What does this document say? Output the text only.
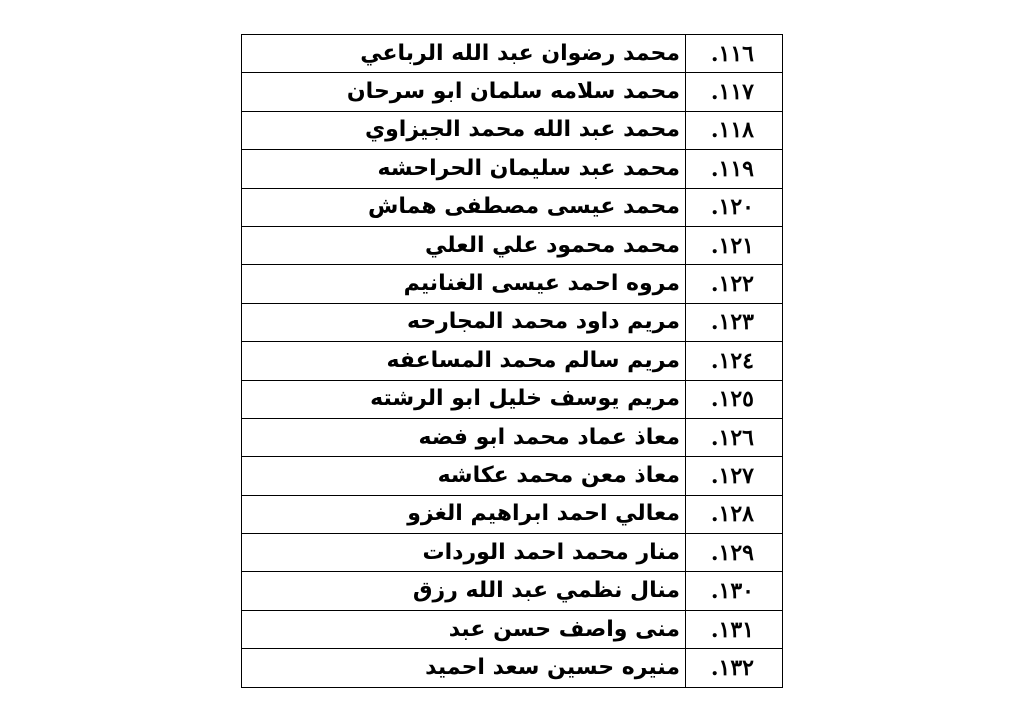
١١٦.	محمد رضوان عبد الله الرباعي
١١٧.	محمد سلامه سلمان ابو سرحان
١١٨.	محمد عبد الله محمد الجيزاوي
١١٩.	محمد عبد سليمان الحراحشه
١٢٠.	محمد عيسى مصطفى هماش
١٢١.	محمد محمود علي العلي
١٢٢.	مروه احمد عيسى الغنانيم
١٢٣.	مريم داود محمد المجارحه
١٢٤.	مريم سالم محمد المساعفه
١٢٥.	مريم يوسف خليل ابو الرشته
١٢٦.	معاذ عماد محمد ابو فضه
١٢٧.	معاذ معن محمد عكاشه
١٢٨.	معالي احمد ابراهيم الغزو
١٢٩.	منار محمد احمد الوردات
١٣٠.	منال نظمي عبد الله رزق
١٣١.	منى واصف حسن عبد
١٣٢.	منيره حسين سعد احميد
